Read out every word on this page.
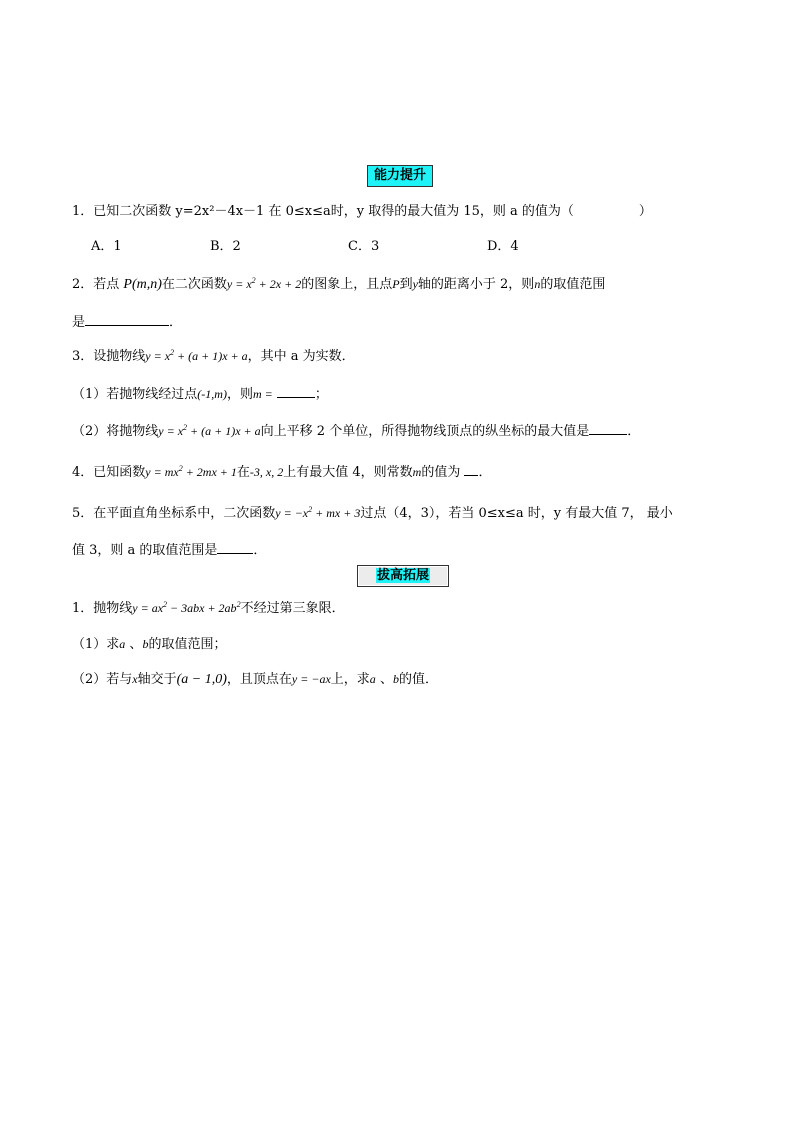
能力提升
1．已知二次函数 y=2x²－4x－1 在 0≤x≤a时，y 取得的最大值为 15，则 a 的值为（　　　　　）
A．1	B．2	C．3	D．4
2．若点 P(m,n)在二次函数$y = x^2 + 2x + 2$的图象上，且点P到y轴的距离小于 2，则n的取值范围
是	．
3．设抛物线$y = x^2 + (a + 1)x + a$，其中 a 为实数．
（1）若抛物线经过点(-1,m)，则m =	；
（2）将抛物线$y = x^2 + (a + 1)x + a$向上平移 2 个单位，所得抛物线顶点的纵坐标的最大值是	．
4．已知函数$y = mx^2 + 2mx + 1$在-3, x, 2上有最大值 4，则常数m的值为 ．
5．在平面直角坐标系中，二次函数$y = -x^2$ + mx + 3过点（4，3），若当 0≤x≤a 时，y 有最大值 7， 最小
值 3，则 a 的取值范围是	．
拔高拓展
1．抛物线$y = ax^2 - 3abx + 2ab^2$不经过第三象限．
（1）求a 、b的取值范围；
（2）若与x轴交于(a − 1,0)，且顶点在y = −ax上，求a 、b的值．
